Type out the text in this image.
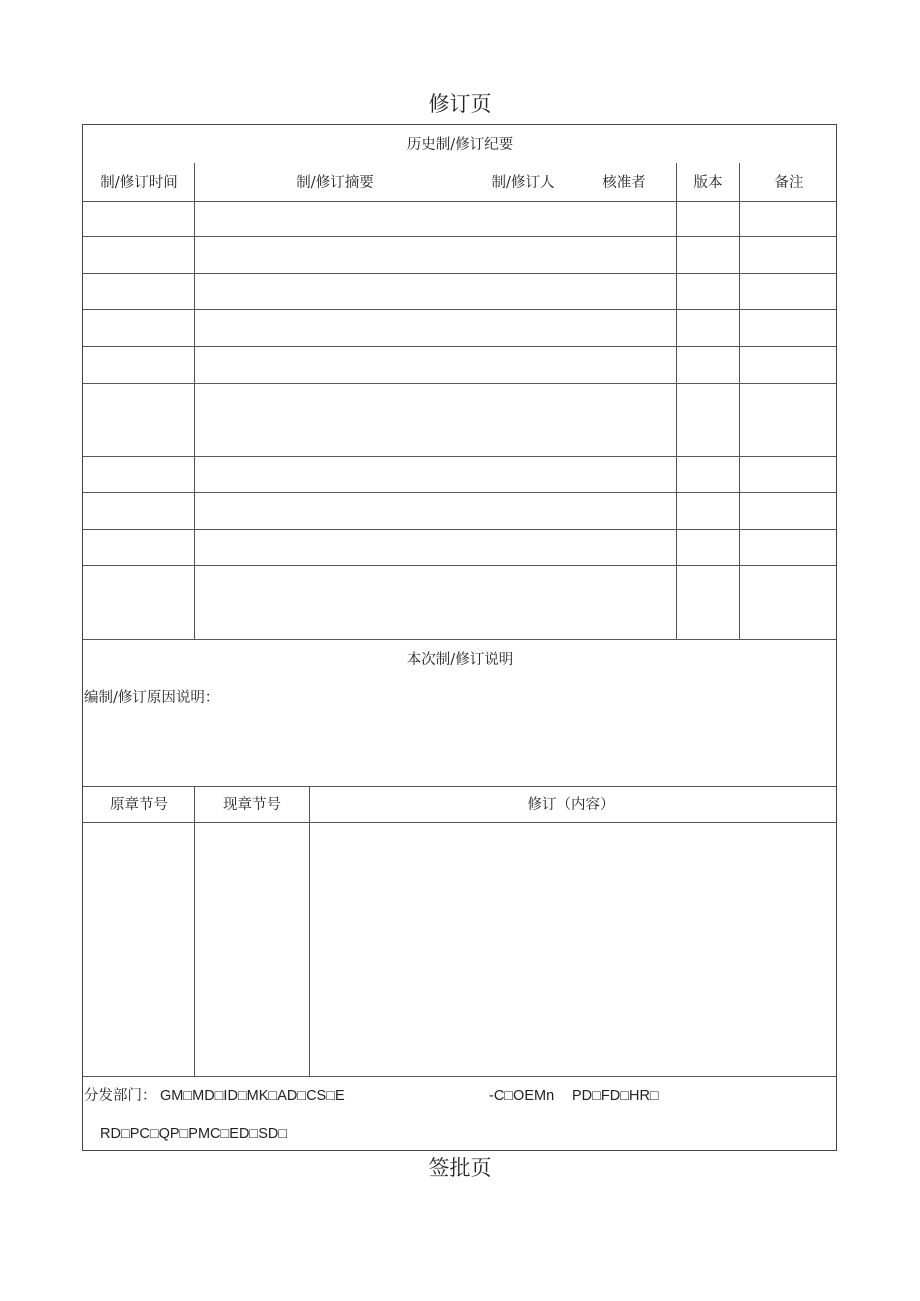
修订页
历史制/修订纪要
制/修订时间	制/修订摘要	制/修订人	核准者	版本	备注
本次制/修订说明
编制/修订原因说明：
原章节号	现章节号	修订（内容）
分发部门： GM□MD□ID□MK□AD□CS□E	-C□OEMn PD□FD□HR□
RD□PC□QP□PMC□ED□SD□
签批页
